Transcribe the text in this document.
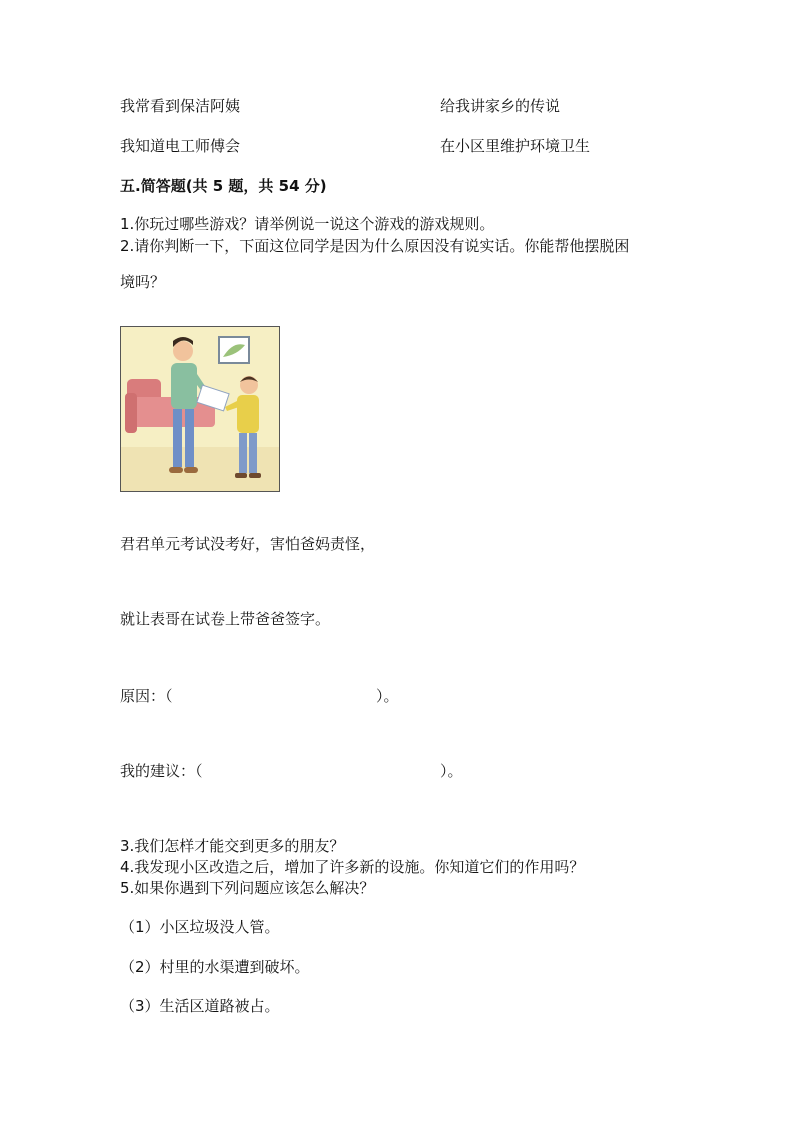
我常看到保洁阿姨	给我讲家乡的传说
我知道电工师傅会	在小区里维护环境卫生
五.简答题(共 5 题，共 54 分)
1.你玩过哪些游戏？请举例说一说这个游戏的游戏规则。
2.请你判断一下，下面这位同学是因为什么原因没有说实话。你能帮他摆脱困
境吗？
君君单元考试没考好，害怕爸妈责怪，
就让表哥在试卷上带爸爸签字。
原因：（	）。
我的建议：（	）。
3.我们怎样才能交到更多的朋友？
4.我发现小区改造之后，增加了许多新的设施。你知道它们的作用吗？
5.如果你遇到下列问题应该怎么解决？
（1）小区垃圾没人管。
（2）村里的水渠遭到破坏。
（3）生活区道路被占。
